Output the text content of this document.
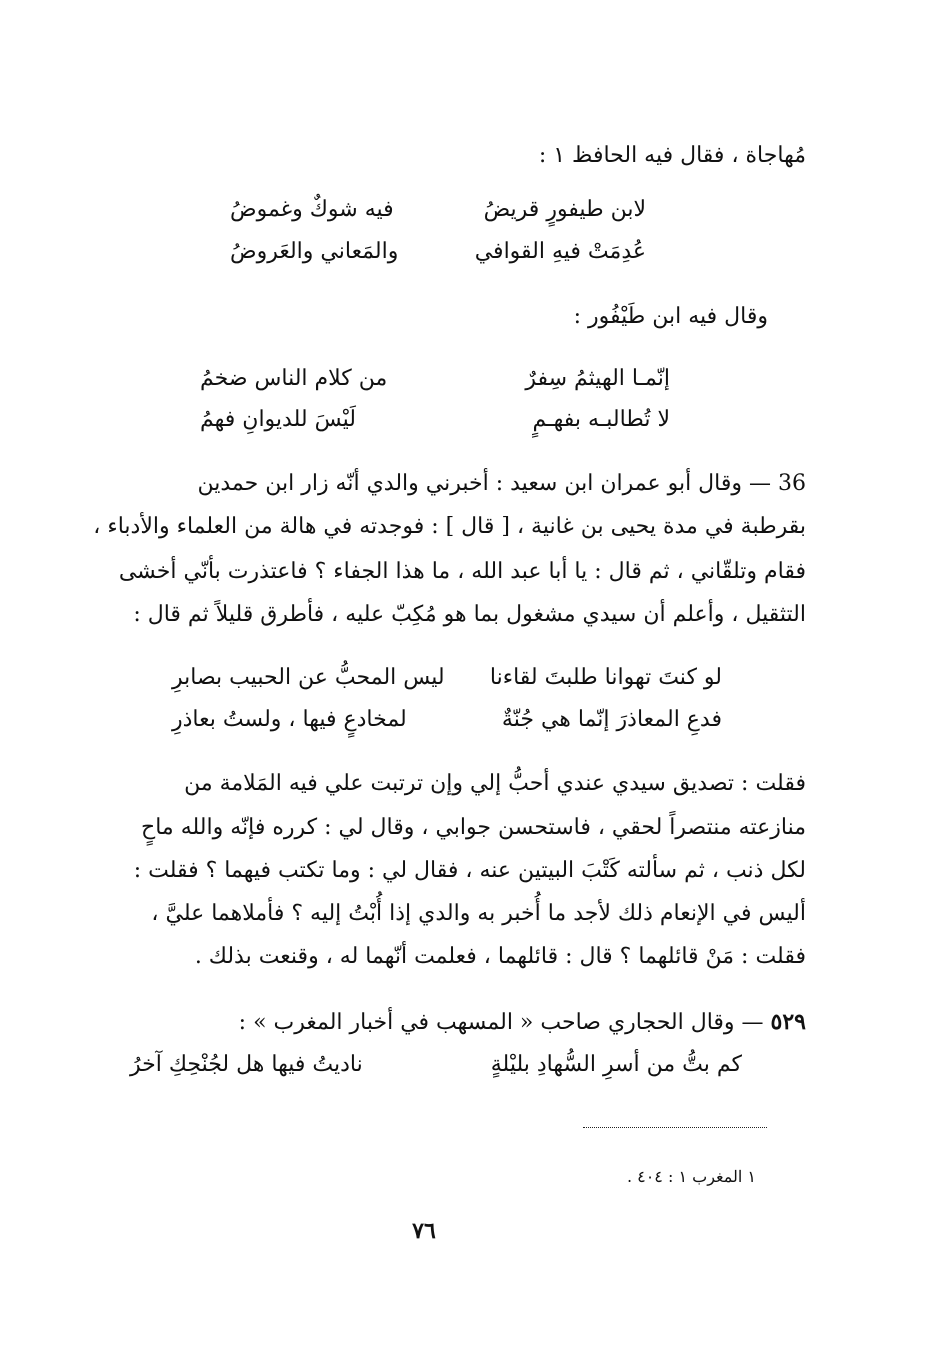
مُهاجاة ، فقال فيه الحافظ ١ :
لابن طيفورٍ قريضُ
فيه شوكٌ وغموضُ
عُدِمَتْ فيهِ القوافي
والمَعاني والعَروضُ
وقال فيه ابن طَيْفُور :
إنّمـا الهيثمُ سِفرٌ
من كلام الناس ضخمُ
لا تُطالبـه بفهـمٍ
لَيْسَ للديوانِ فهمُ
36 — وقال أبو عمران ابن سعيد : أخبرني والدي أنّه زار ابن حمدين
بقرطبة في مدة يحيى بن غانية ، [ قال ] : فوجدته في هالة من العلماء والأدباء ،
فقام وتلقّاني ، ثم قال : يا أبا عبد الله ، ما هذا الجفاء ؟ فاعتذرت بأنّي أخشى
التثقيل ، وأعلم أن سيدي مشغول بما هو مُكِبّ عليه ، فأطرق قليلاً ثم قال :
لو كنتَ تهوانا طلبتَ لقاءنا
ليس المحبُّ عن الحبيب بصابرِ
فدعِ المعاذرَ إنّما هي جُنّةٌ
لمخادعٍ فيها ، ولستُ بعاذرِ
فقلت : تصديق سيدي عندي أحبُّ إلي وإن ترتبت علي فيه المَلامة من
منازعته منتصراً لحقي ، فاستحسن جوابي ، وقال لي : كرره فإنّه والله ماحٍ
لكل ذنب ، ثم سألته كَتْبَ البيتين عنه ، فقال لي : وما تكتب فيهما ؟ فقلت :
أليس في الإنعام ذلك لأجد ما أُخبر به والدي إذا أُبْتُ إليه ؟ فأملاهما عليَّ ،
فقلت : مَنْ قائلهما ؟ قال : قائلهما ، فعلمت أنّهما له ، وقنعت بذلك .
٥٢٩ — وقال الحجاري صاحب « المسهب في أخبار المغرب » :
كم بتُّ من أسرِ السُّهادِ بليْلةٍ
ناديتُ فيها هل لجُنْحِكِ آخرُ
١ المغرب ١ : ٤٠٤ .
٧٦
